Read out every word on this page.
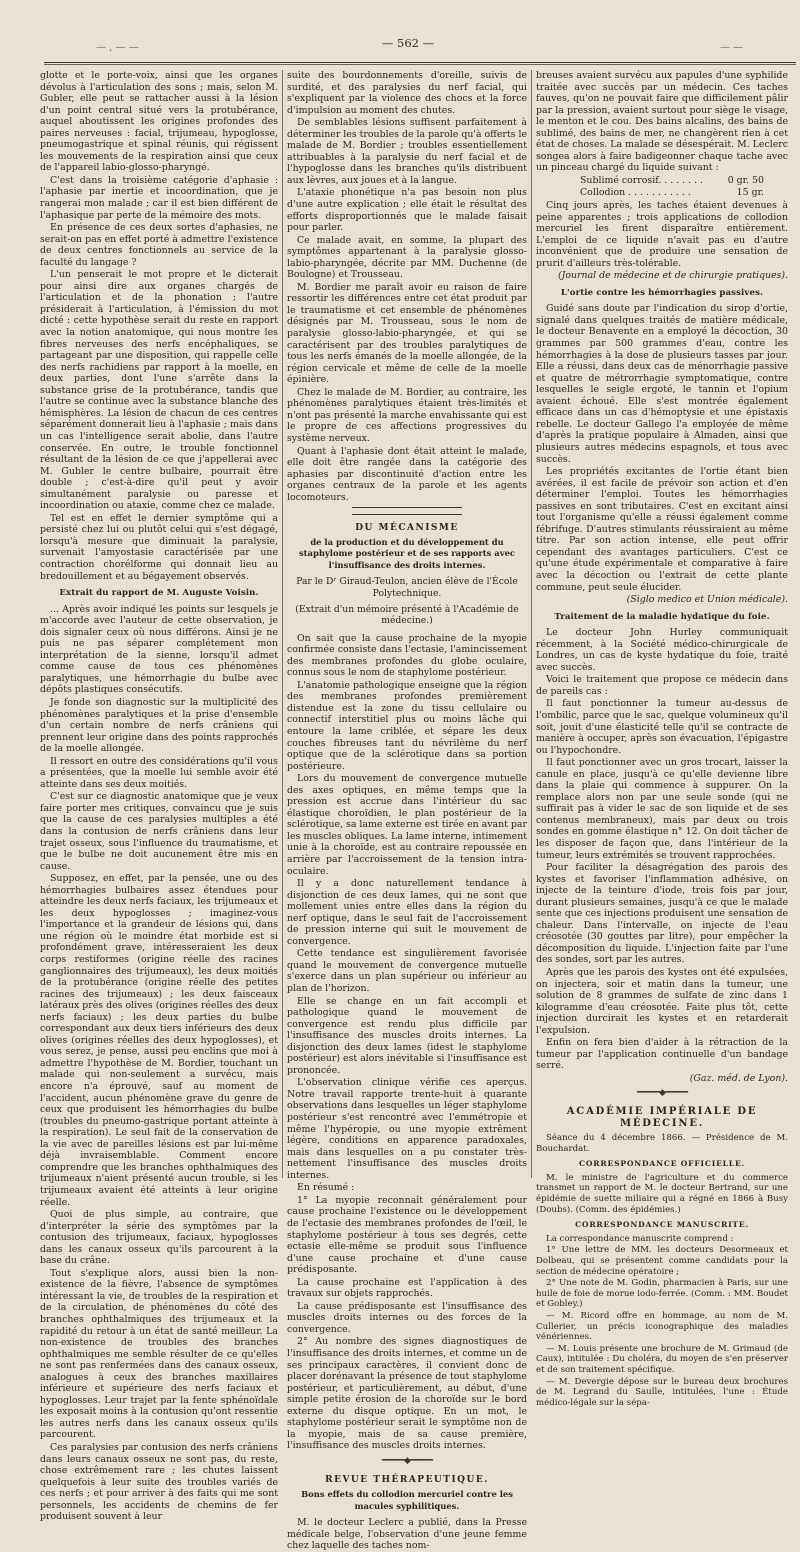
— , — —	— 562 —	— —

glotte et le porte-voix, ainsi que les organes dévolus à l'articulation des sons ; mais, selon M. Gubler, elle peut se rattacher aussi à la lésion d'un point central situé vers la protubérance, auquel aboutissent les origines profondes des paires nerveuses : facial, trijumeau, hypoglosse, pneumogastrique et spinal réunis, qui régissent les mouvements de la respiration ainsi que ceux de l'appareil labio-glosso-pharyngé.

C'est dans la troisième catégorie d'aphasie : l'aphasie par inertie et incoordination, que je rangerai mon malade ; car il est bien différent de l'aphasique par perte de la mémoire des mots.

En présence de ces deux sortes d'aphasies, ne serait-on pas en effet porté à admettre l'existence de deux centres fonctionnels au service de la faculté du langage ?

L'un penserait le mot propre et le dicterait pour ainsi dire aux organes chargés de l'articulation et de la phonation ; l'autre présiderait à l'articulation, à l'émission du mot dicté : cette hypothèse serait du reste en rapport avec la notion anatomique, qui nous montre les fibres nerveuses des nerfs encéphaliques, se partageant par une disposition, qui rappelle celle des nerfs rachidiens par rapport à la moelle, en deux parties, dont l'une s'arrête dans la substance grise de la protubérance, tandis que l'autre se continue avec la substance blanche des hémisphères. La lésion de chacun de ces centres séparément donnerait lieu à l'aphasie ; mais dans un cas l'intelligence serait abolie, dans l'autre conservée. En outre, le trouble fonctionnel résultant de la lésion de ce que j'appellerai avec M. Gubler le centre bulbaire, pourrait être double ; c'est-à-dire qu'il peut y avoir simultanément paralysie ou paresse et incoordination ou ataxie, comme chez ce malade.

Tel est en effet le dernier symptôme qui a persisté chez lui ou plutôt celui qui s'est dégagé, lorsqu'à mesure que diminuait la paralysie, survenait l'amyostasie caractérisée par une contraction chorélforme qui donnait lieu au bredouillement et au bégayement observés.

Extrait du rapport de M. Auguste Voisin.

... Après avoir indiqué les points sur lesquels je m'accorde avec l'auteur de cette observation, je dois signaler ceux où nous différons. Ainsi je ne puis ne pas séparer complétement mon interprétation de la sienne, lorsqu'il admet comme cause de tous ces phénomènes paralytiques, une hémorrhagie du bulbe avec dépôts plastiques consécutifs.

Je fonde son diagnostic sur la multiplicité des phénomènes paralytiques et la prise d'ensemble d'un certain nombre de nerfs crâniens qui prennent leur origine dans des points rapprochés de la moelle allongée.

Il ressort en outre des considérations qu'il vous a présentées, que la moelle lui semble avoir été atteinte dans ses deux moitiés.

C'est sur ce diagnostic anatomique que je veux faire porter mes critiques, convaincu que je suis que la cause de ces paralysies multiples a été dans la contusion de nerfs crâniens dans leur trajet osseux, sous l'influence du traumatisme, et que le bulbe ne doit aucunement être mis en cause.

Supposez, en effet, par la pensée, une ou des hémorrhagies bulbaires assez étendues pour atteindre les deux nerfs faciaux, les trijumeaux et les deux hypoglosses ; imaginez-vous l'importance et la grandeur de lésions qui, dans une région où le moindre état morbide est si profondément grave, intéresseraient les deux corps restiformes (origine réelle des racines ganglionnaires des trijumeaux), les deux moitiés de la protubérance (origine réelle des petites racines des trijumeaux) ; les deux faisceaux latéraux près des olives (origines réelles des deux nerfs faciaux) ; les deux parties du bulbe correspondant aux deux tiers inférieurs des deux olives (origines réelles des deux hypoglosses), et vous serez, je pense, aussi peu enclins que moi à admettre l'hypothèse de M. Bordier, touchant un malade qui non-seulement a survécu, mais encore n'a éprouvé, sauf au moment de l'accident, aucun phénomène grave du genre de ceux que produisent les hémorrhagies du bulbe (troubles du pneumo-gastrique portant atteinte à la respiration). Le seul fait de la conservation de la vie avec de pareilles lésions est par lui-même déjà invraisemblable. Comment encore comprendre que les branches ophthalmiques des trijumeaux n'aient présenté aucun trouble, si les trijumeaux avaient été atteints à leur origine réelle.

Quoi de plus simple, au contraire, que d'interpréter la série des symptômes par la contusion des trijumeaux, faciaux, hypoglosses dans les canaux osseux qu'ils parcourent à la base du crâne.

Tout s'explique alors, aussi bien la non-existence de la fièvre, l'absence de symptômes intéressant la vie, de troubles de la respiration et de la circulation, de phénomènes du côté des branches ophthalmiques des trijumeaux et la rapidité du retour à un état de santé meilleur. La non-existence de troubles des branches ophthalmiques me semble résulter de ce qu'elles ne sont pas renfermées dans des canaux osseux, analogues à ceux des branches maxillaires inférieure et supérieure des nerfs faciaux et hypoglosses. Leur trajet par la fente sphénoïdale les exposait moins à la contusion qu'ont ressentie les autres nerfs dans les canaux osseux qu'ils parcourent.

Ces paralysies par contusion des nerfs crâniens dans leurs canaux osseux ne sont pas, du reste, chose extrêmement rare ; les chutes laissent quelquefois à leur suite des troubles variés de ces nerfs ; et pour arriver à des faits qui me sont personnels, les accidents de chemins de fer produisent souvent à leur

suite des bourdonnements d'oreille, suivis de surdité, et des paralysies du nerf facial, qui s'expliquent par la violence des chocs et la force d'impulsion au moment des chutes.

De semblables lésions suffisent parfaitement à déterminer les troubles de la parole qu'à offerts le malade de M. Bordier ; troubles essentiellement attribuables à la paralysie du nerf facial et de l'hypoglosse dans les branches qu'ils distribuent aux lèvres, aux joues et à la langue.

L'ataxie phonétique n'a pas besoin non plus d'une autre explication ; elle était le résultat des efforts disproportionnés que le malade faisait pour parler.

Ce malade avait, en somme, la plupart des symptômes appartenant à la paralysie glosso-labio-pharyngée, décrite par MM. Duchenne (de Boulogne) et Trousseau.

M. Bordier me paraît avoir eu raison de faire ressortir les différences entre cet état produit par le traumatisme et cet ensemble de phénomènes désignés par M. Trousseau, sous le nom de paralysie glosso-labio-pharyngée, et qui se caractérisent par des troubles paralytiques de tous les nerfs émanés de la moelle allongée, de la région cervicale et même de celle de la moelle épinière.

Chez le malade de M. Bordier, au contraire, les phénomènes paralytiques étaient très-limités et n'ont pas présenté la marche envahissante qui est le propre de ces affections progressives du système nerveux.

Quant à l'aphasie dont était atteint le malade, elle doit être rangée dans la catégorie des aphasies par discontinuité d'action entre les organes centraux de la parole et les agents locomoteurs.

DU MÉCANISME
de la production et du développement du staphylome postérieur et de ses rapports avec l'insuffisance des droits internes.

Par le Dʳ Giraud-Teulon, ancien élève de l'École Polytechnique.

(Extrait d'un mémoire présenté à l'Académie de médecine.)

On sait que la cause prochaine de la myopie confirmée consiste dans l'ectasie, l'amincissement des membranes profondes du globe oculaire, connus sous le nom de staphylome postérieur.

L'anatomie pathologique enseigne que la région des membranes profondes premièrement distendue est la zone du tissu cellulaire ou connectif interstitiel plus ou moins lâche qui entoure la lame criblée, et sépare les deux couches fibreuses tant du névrilème du nerf optique que de la sclérotique dans sa portion postérieure.

Lors du mouvement de convergence mutuelle des axes optiques, en même temps que la pression est accrue dans l'intérieur du sac élastique choroïdien, le plan postérieur de la sclérotique, sa lame externe est tirée en avant par les muscles obliques. La lame interne, intimement unie à la choroïde, est au contraire repoussée en arrière par l'accroissement de la tension intra-oculaire.

Il y a donc naturellement tendance à disjonction de ces deux lames, qui ne sont que mollement unies entre elles dans la région du nerf optique, dans le seul fait de l'accroissement de pression interne qui suit le mouvement de convergence.

Cette tendance est singulièrement favorisée quand le mouvement de convergence mutuelle s'exerce dans un plan supérieur ou inférieur au plan de l'horizon.

Elle se change en un fait accompli et pathologique quand le mouvement de convergence est rendu plus difficile par l'insuffisance des muscles droits internes. La disjonction des deux lames (idest le staphylome postérieur) est alors inévitable si l'insuffisance est prononcée.

L'observation clinique vérifie ces aperçus. Notre travail rapporte trente-huit à quarante observations dans lesquelles un léger staphylome postérieur s'est rencontré avec l'emmétropie et même l'hypéropie, ou une myopie extrêment légère, conditions en apparence paradoxales, mais dans lesquelles on a pu constater très-nettement l'insuffisance des muscles droits internes.

En résumé :

1° La myopie reconnaît généralement pour cause prochaine l'existence ou le développement de l'ectasie des membranes profondes de l'œil, le staphylome postérieur à tous ses degrés, cette ectasie elle-même se produit sous l'influence d'une cause prochaine et d'une cause prédisposante.

La cause prochaine est l'application à des travaux sur objets rapprochés.

La cause prédisposante est l'insuffisance des muscles droits internes ou des forces de la convergence.

2° Au nombre des signes diagnostiques de l'insuffisance des droits internes, et comme un de ses principaux caractères, il convient donc de placer dorénavant la présence de tout staphylome postérieur, et particulièrement, au début, d'une simple petite érosion de la choroïde sur le bord externe du disque optique. En un mot, le staphylome postérieur serait le symptôme non de la myopie, mais de sa cause première, l'insuffisance des muscles droits internes.

━━━━━◆━━━━━
REVUE THÉRAPEUTIQUE.
Bons effets du collodion mercuriel contre les macules syphilitiques.

M. le docteur Leclerc a publié, dans la Presse médicale belge, l'observation d'une jeune femme chez laquelle des taches nom-

breuses avaient survécu aux papules d'une syphilide traitée avec succès par un médecin. Ces taches fauves, qu'on ne pouvait faire que difficilement pâlir par la pression, avaient surtout pour siège le visage, le menton et le cou. Des bains alcalins, des bains de sublimé, des bains de mer, ne changèrent rien à cet état de choses. La malade se désespérait. M. Leclerc songea alors à faire badigeonner chaque tache avec un pinceau chargé du liquide suivant :

Sublimé corrosif. . . . . . . .	0 gr. 50

Collodion . . . . . . . . . . .	15 gr.

Cinq jours après, les taches étaient devenues à peine apparentes ; trois applications de collodion mercuriel les firent disparaître entièrement. L'emploi de ce liquide n'avait pas eu d'autre inconvénient que de produire une sensation de prurit d'ailleurs très-tolérable.

(Journal de médecine et de chirurgie pratiques).

L'ortie contre les hémorrhagies passives.

Guidé sans doute par l'indication du sirop d'ortie, signalé dans quelques traités de matière médicale, le docteur Benavente en a employé la décoction, 30 grammes par 500 grammes d'eau, contre les hémorrhagies à la dose de plusieurs tasses par jour. Elle a réussi, dans deux cas de ménorrhagie passive et quatre de métrorrhagie symptomatique, contre lesquelles le seigle ergoté, le tannin et l'opium avaient échoué. Elle s'est montrée également efficace dans un cas d'hémoptysie et une épistaxis rebelle. Le docteur Gallego l'a employée de même d'après la pratique populaire à Almaden, ainsi que plusieurs autres médecins espagnols, et tous avec succès.

Les propriétés excitantes de l'ortie étant bien avérées, il est facile de prévoir son action et d'en déterminer l'emploi. Toutes les hémorrhagies passives en sont tributaires. C'est en excitant ainsi tout l'organisme qu'elle a réussi également comme fébrifuge. D'autres stimulants réussiraient au même titre. Par son action intense, elle peut offrir cependant des avantages particuliers. C'est ce qu'une étude expérimentale et comparative à faire avec la décoction ou l'extrait de cette plante commune, peut seule élucider.

(Siglo medico et Union médicale).

Traitement de la maladie hydatique du foie.

Le docteur John Hurley communiquait récemment, à la Société médico-chirurgicale de Londres, un cas de kyste hydatique du foie, traité avec succès.

Voici le traitement que propose ce médecin dans de pareils cas :

Il faut ponctionner la tumeur au-dessus de l'ombilic, parce que le sac, quelque volumineux qu'il soit, jouit d'une élasticité telle qu'il se contracte de manière à occuper, après son évacuation, l'épigastre ou l'hypochondre.

Il faut ponctionner avec un gros trocart, laisser la canule en place, jusqu'à ce qu'elle devienne libre dans la plaie qui commence à suppurer. On la remplace alors non par une seule sonde (qui ne suffirait pas à vider le sac de son liquide et de ses contenus membraneux), mais par deux ou trois sondes en gomme élastique n° 12. On doit tâcher de les disposer de façon que, dans l'intérieur de la tumeur, leurs extrémités se trouvent rapprochées.

Pour faciliter la désagrégation des parois des kystes et favoriser l'inflammation adhésive, on injecte de la teinture d'iode, trois fois par jour, durant plusieurs semaines, jusqu'à ce que le malade sente que ces injections produisent une sensation de chaleur. Dans l'intervalle, on injecte de l'eau créosotée (30 gouttes par litre), pour empêcher la décomposition du liquide. L'injection faite par l'une des sondes, sort par les autres.

Après que les parois des kystes ont été expulsées, on injectera, soir et matin dans la tumeur, une solution de 8 grammes de sulfate de zinc dans 1 kilogramme d'eau créosotée. Faite plus tôt, cette injection durcirait les kystes et en retarderait l'expulsion.

Enfin on fera bien d'aider à la rétraction de la tumeur par l'application continuelle d'un bandage serré.

(Gaz. méd. de Lyon).

━━━━━◆━━━━━
ACADÉMIE IMPÉRIALE DE MÉDECINE.

Séance du 4 décembre 1866. — Présidence de M. Bouchardat.

CORRESPONDANCE OFFICIELLE.

M. le ministre de l'agriculture et du commerce transmet un rapport de M. le docteur Bertrand, sur une épidémie de suette miliaire qui a régné en 1866 à Busy (Doubs). (Comm. des épidémies.)

CORRESPONDANCE MANUSCRITE.

La correspondance manuscrite comprend :

1° Une lettre de MM. les docteurs Desormeaux et Dolbeau, qui se présentent comme candidats pour la section de médecine opératoire ;

2° Une note de M. Godin, pharmacien à Paris, sur une huile de foie de morue iodo-ferrée. (Comm. : MM. Boudet et Gobley.)

— M. Ricord offre en hommage, au nom de M. Cullerier, un précis iconographique des maladies vénériennes.

— M. Louis présente une brochure de M. Grimaud (de Caux), intitulée : Du choléra, du moyen de s'en préserver et de son traitement spécifique.

— M. Devergie dépose sur le bureau deux brochures de M. Legrand du Saulle, intitulées, l'une : Étude médico-légale sur la sépa-
